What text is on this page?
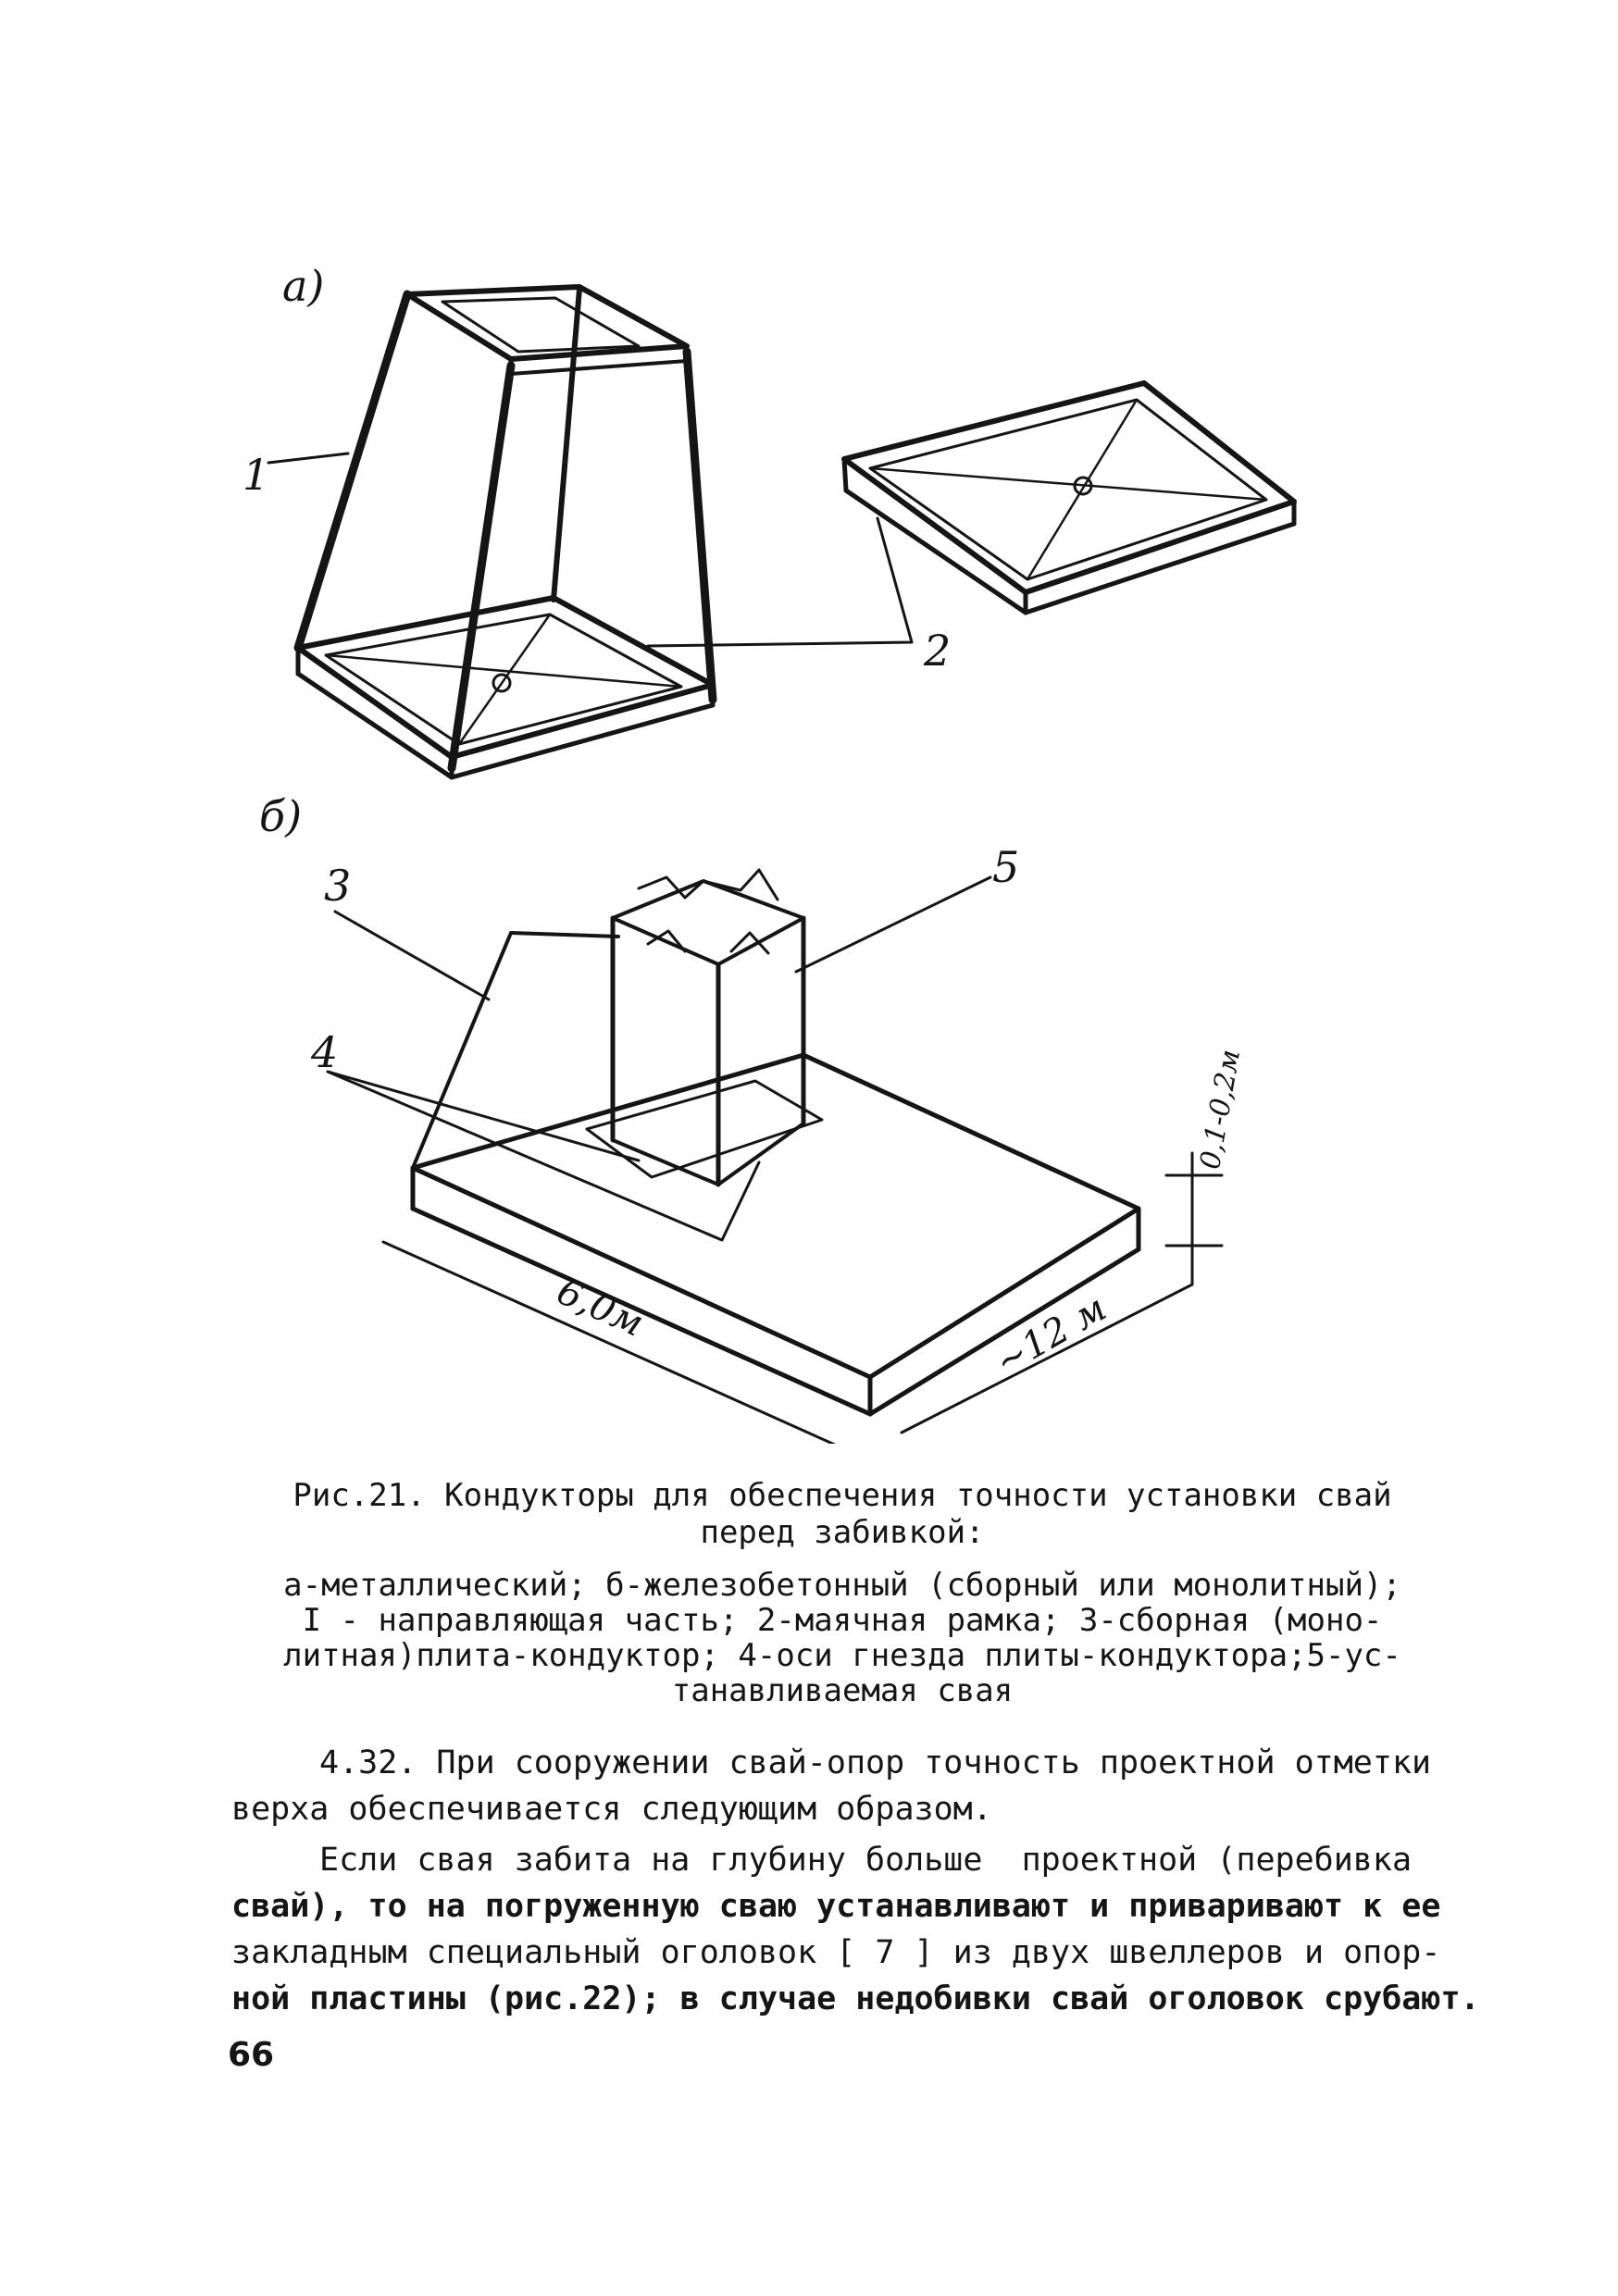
а)
1
2
б)
3	5
4
6,0м	~12 м
0,1-0,2м
Рис.21. Кондукторы для обеспечения точности установки свай
перед забивкой:
а-металлический; б-железобетонный (сборный или монолитный);
I - направляющая часть; 2-маячная рамка; 3-сборная (моно-
литная)плита-кондуктор; 4-оси гнезда плиты-кондуктора;5-ус-
танавливаемая свая
4.32. При сооружении свай-опор точность проектной отметки
верха обеспечивается следующим образом.
Если свая забита на глубину больше  проектной (перебивка
свай), то на погруженную сваю устанавливают и приваривают к ее
закладным специальный оголовок [ 7 ] из двух швеллеров и опор-
ной пластины (рис.22); в случае недобивки свай оголовок срубают.
66
